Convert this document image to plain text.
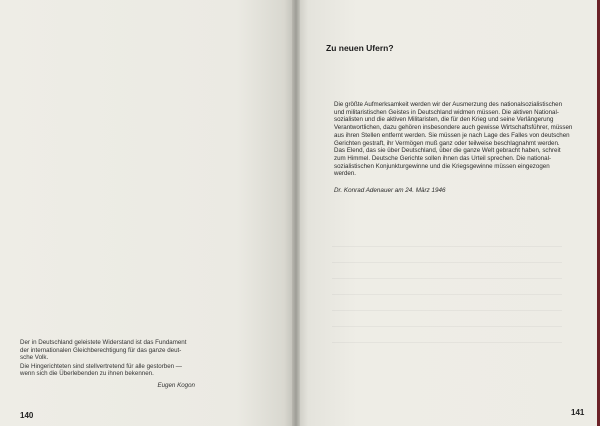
Der in Deutschland geleistete Widerstand ist das Fundament
der internationalen Gleichberechtigung für das ganze deut-
sche Volk.

Die Hingerichteten sind stellvertretend für alle gestorben —
wenn sich die Überlebenden zu ihnen bekennen.

Eugen Kogon
140
Zu neuen Ufern?
Die größte Aufmerksamkeit werden wir der Ausmerzung des nationalsozialistischen
und militaristischen Geistes in Deutschland widmen müssen. Die aktiven National-
sozialisten und die aktiven Militaristen, die für den Krieg und seine Verlängerung
Verantwortlichen, dazu gehören insbesondere auch gewisse Wirtschaftsführer, müssen
aus ihren Stellen entfernt werden. Sie müssen je nach Lage des Falles von deutschen
Gerichten gestraft, ihr Vermögen muß ganz oder teilweise beschlagnahmt werden.
Das Elend, das sie über Deutschland, über die ganze Welt gebracht haben, schreit
zum Himmel. Deutsche Gerichte sollen ihnen das Urteil sprechen. Die national-
sozialistischen Konjunkturgewinne und die Kriegsgewinne müssen eingezogen
werden.
Dr. Konrad Adenauer am 24. März 1946
141
